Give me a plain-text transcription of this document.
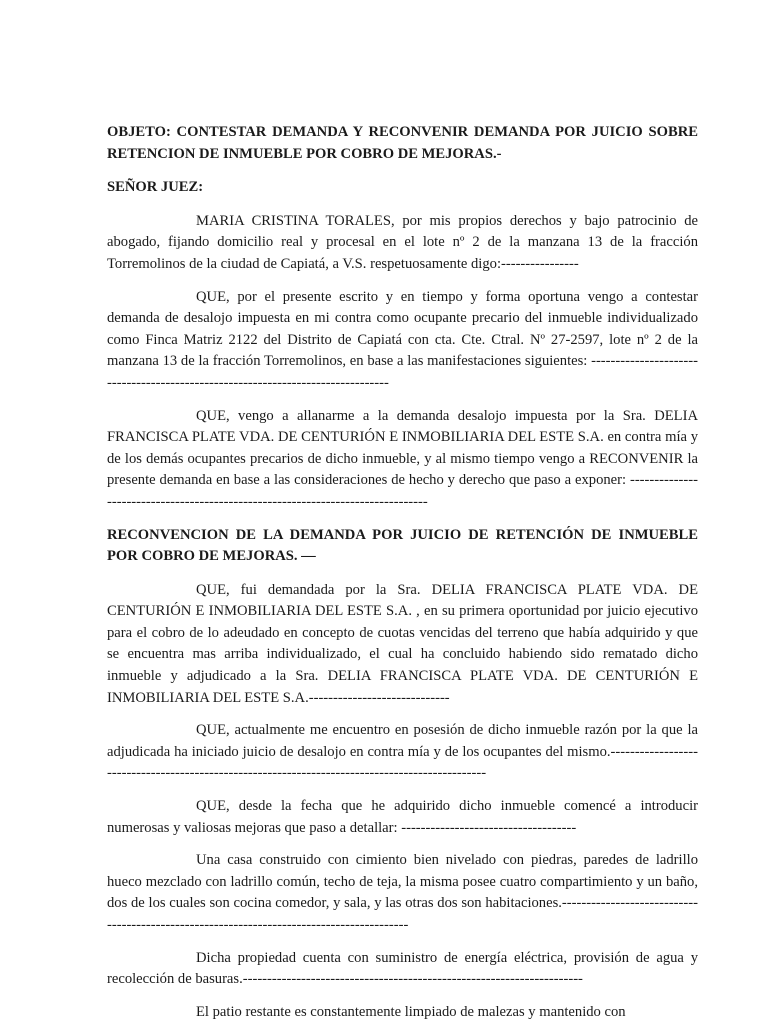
OBJETO: CONTESTAR DEMANDA Y RECONVENIR DEMANDA POR JUICIO SOBRE RETENCION DE INMUEBLE POR COBRO DE MEJORAS.-

SEÑOR JUEZ:

MARIA CRISTINA TORALES, por mis propios derechos y bajo patrocinio de abogado, fijando domicilio real y procesal en el lote nº 2 de la manzana 13 de la fracción Torremolinos de la ciudad de Capiatá, a V.S. respetuosamente digo:----------------

QUE, por el presente escrito y en tiempo y forma oportuna vengo a contestar demanda de desalojo impuesta en mi contra como ocupante precario del inmueble individualizado como Finca Matriz 2122 del Distrito de Capiatá con cta. Cte. Ctral. Nº 27-2597, lote nº 2 de la manzana 13 de la fracción Torremolinos, en base a las manifestaciones siguientes: --------------------------------------------------------------------------------

QUE, vengo a allanarme a la demanda desalojo impuesta por la Sra. DELIA FRANCISCA PLATE VDA. DE CENTURIÓN E INMOBILIARIA DEL ESTE S.A. en contra mía y de los demás ocupantes precarios de dicho inmueble, y al mismo tiempo vengo a RECONVENIR la presente demanda en base a las consideraciones de hecho y derecho que paso a exponer: --------------------------------------------------------------------------------

RECONVENCION DE LA DEMANDA POR JUICIO DE RETENCIÓN DE INMUEBLE POR COBRO DE MEJORAS. —

QUE, fui demandada por la Sra. DELIA FRANCISCA PLATE VDA. DE CENTURIÓN E INMOBILIARIA DEL ESTE S.A. , en su primera oportunidad por juicio ejecutivo para el cobro de lo adeudado en concepto de cuotas vencidas del terreno que había adquirido y que se encuentra mas arriba individualizado, el cual ha concluido habiendo sido rematado dicho inmueble y adjudicado a la Sra. DELIA FRANCISCA PLATE VDA. DE CENTURIÓN E INMOBILIARIA DEL ESTE S.A.-----------------------------

QUE, actualmente me encuentro en posesión de dicho inmueble razón por la que la adjudicada ha iniciado juicio de desalojo en contra mía y de los ocupantes del mismo.------------------------------------------------------------------------------------------------

QUE, desde la fecha que he adquirido dicho inmueble comencé a introducir numerosas y valiosas mejoras que paso a detallar: ------------------------------------

Una casa construido con cimiento bien nivelado con piedras, paredes de ladrillo hueco mezclado con ladrillo común, techo de teja, la misma posee cuatro compartimiento y un baño, dos de los cuales son cocina comedor, y sala, y las otras dos son habitaciones.------------------------------------------------------------------------------------------

Dicha propiedad cuenta con suministro de energía eléctrica, provisión de agua y recolección de basuras.----------------------------------------------------------------------

El patio restante es constantemente limpiado de malezas y mantenido con
